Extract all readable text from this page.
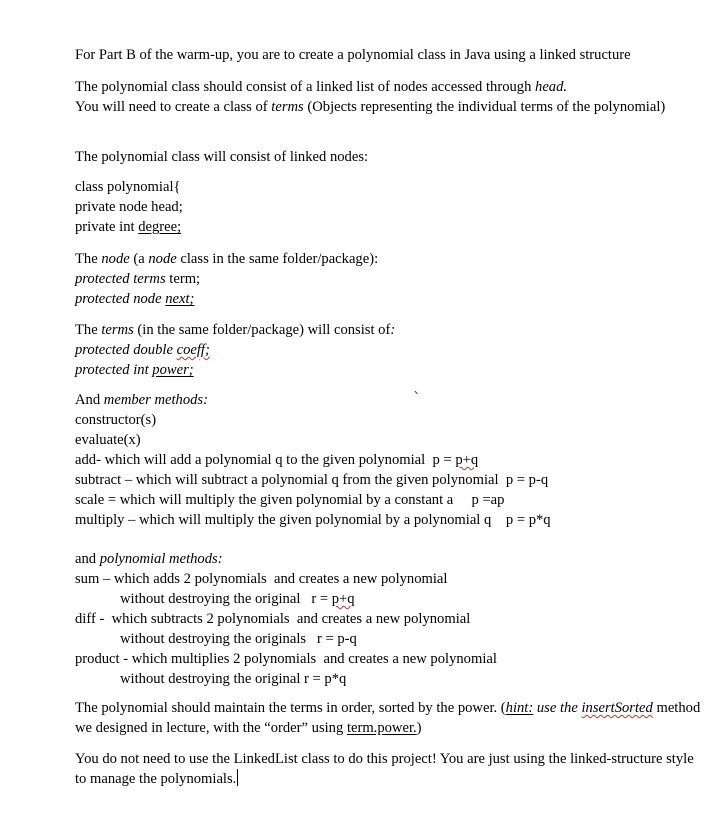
For Part B of the warm-up, you are to create a polynomial class in Java using a linked structure
The polynomial class should consist of a linked list of nodes accessed through head.
You will need to create a class of terms (Objects representing the individual terms of the polynomial)
The polynomial class will consist of linked nodes:
class polynomial{
private node head;
private int degree;
The node (a node class in the same folder/package):
protected terms term;
protected node next;
The terms (in the same folder/package) will consist of:
protected double coeff;
protected int power;
And member methods:
constructor(s)
evaluate(x)
add- which will add a polynomial q to the given polynomial  p = p+q
subtract – which will subtract a polynomial q from the given polynomial  p = p-q
scale = which will multiply the given polynomial by a constant a     p =ap
multiply – which will multiply the given polynomial by a polynomial q    p = p*q
and polynomial methods:
sum – which adds 2 polynomials  and creates a new polynomial
without destroying the original   r = p+q
diff -  which subtracts 2 polynomials  and creates a new polynomial
without destroying the originals   r = p-q
product - which multiplies 2 polynomials  and creates a new polynomial
without destroying the original r = p*q
The polynomial should maintain the terms in order, sorted by the power. (hint: use the insertSorted method we designed in lecture, with the “order” using term.power.)
You do not need to use the LinkedList class to do this project! You are just using the linked-structure style to manage the polynomials.
